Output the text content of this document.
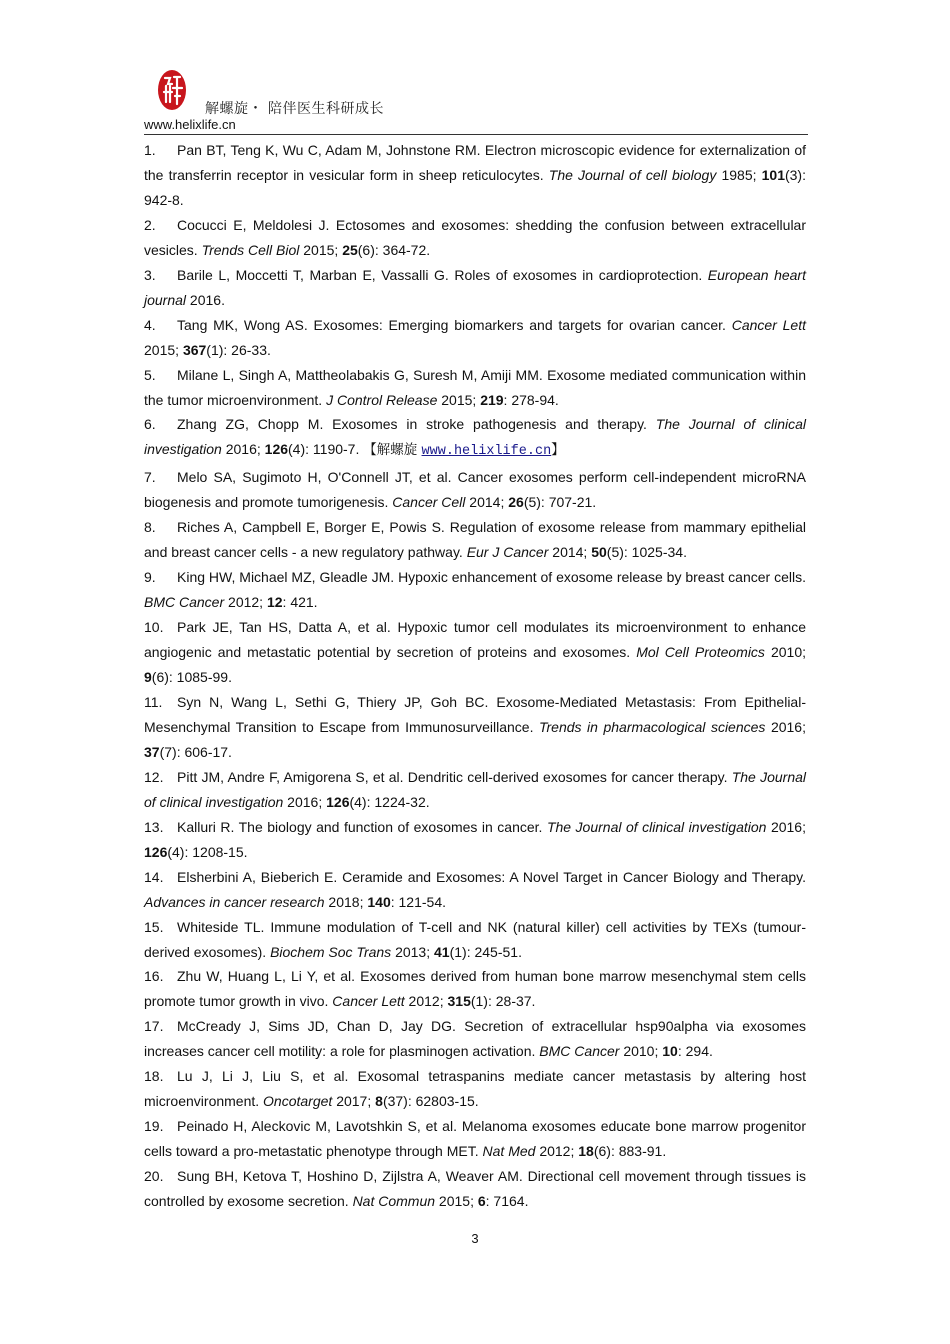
解螺旋・ 陪伴医生科研成长
www.helixlife.cn
1. Pan BT, Teng K, Wu C, Adam M, Johnstone RM. Electron microscopic evidence for externalization of the transferrin receptor in vesicular form in sheep reticulocytes. The Journal of cell biology 1985; 101(3): 942-8.
2. Cocucci E, Meldolesi J. Ectosomes and exosomes: shedding the confusion between extracellular vesicles. Trends Cell Biol 2015; 25(6): 364-72.
3. Barile L, Moccetti T, Marban E, Vassalli G. Roles of exosomes in cardioprotection. European heart journal 2016.
4. Tang MK, Wong AS. Exosomes: Emerging biomarkers and targets for ovarian cancer. Cancer Lett 2015; 367(1): 26-33.
5. Milane L, Singh A, Mattheolabakis G, Suresh M, Amiji MM. Exosome mediated communication within the tumor microenvironment. J Control Release 2015; 219: 278-94.
6. Zhang ZG, Chopp M. Exosomes in stroke pathogenesis and therapy. The Journal of clinical investigation 2016; 126(4): 1190-7. 【解螺旋 www.helixlife.cn】
7. Melo SA, Sugimoto H, O'Connell JT, et al. Cancer exosomes perform cell-independent microRNA biogenesis and promote tumorigenesis. Cancer Cell 2014; 26(5): 707-21.
8. Riches A, Campbell E, Borger E, Powis S. Regulation of exosome release from mammary epithelial and breast cancer cells - a new regulatory pathway. Eur J Cancer 2014; 50(5): 1025-34.
9. King HW, Michael MZ, Gleadle JM. Hypoxic enhancement of exosome release by breast cancer cells. BMC Cancer 2012; 12: 421.
10. Park JE, Tan HS, Datta A, et al. Hypoxic tumor cell modulates its microenvironment to enhance angiogenic and metastatic potential by secretion of proteins and exosomes. Mol Cell Proteomics 2010; 9(6): 1085-99.
11. Syn N, Wang L, Sethi G, Thiery JP, Goh BC. Exosome-Mediated Metastasis: From Epithelial-Mesenchymal Transition to Escape from Immunosurveillance. Trends in pharmacological sciences 2016; 37(7): 606-17.
12. Pitt JM, Andre F, Amigorena S, et al. Dendritic cell-derived exosomes for cancer therapy. The Journal of clinical investigation 2016; 126(4): 1224-32.
13. Kalluri R. The biology and function of exosomes in cancer. The Journal of clinical investigation 2016; 126(4): 1208-15.
14. Elsherbini A, Bieberich E. Ceramide and Exosomes: A Novel Target in Cancer Biology and Therapy. Advances in cancer research 2018; 140: 121-54.
15. Whiteside TL. Immune modulation of T-cell and NK (natural killer) cell activities by TEXs (tumour-derived exosomes). Biochem Soc Trans 2013; 41(1): 245-51.
16. Zhu W, Huang L, Li Y, et al. Exosomes derived from human bone marrow mesenchymal stem cells promote tumor growth in vivo. Cancer Lett 2012; 315(1): 28-37.
17. McCready J, Sims JD, Chan D, Jay DG. Secretion of extracellular hsp90alpha via exosomes increases cancer cell motility: a role for plasminogen activation. BMC Cancer 2010; 10: 294.
18. Lu J, Li J, Liu S, et al. Exosomal tetraspanins mediate cancer metastasis by altering host microenvironment. Oncotarget 2017; 8(37): 62803-15.
19. Peinado H, Aleckovic M, Lavotshkin S, et al. Melanoma exosomes educate bone marrow progenitor cells toward a pro-metastatic phenotype through MET. Nat Med 2012; 18(6): 883-91.
20. Sung BH, Ketova T, Hoshino D, Zijlstra A, Weaver AM. Directional cell movement through tissues is controlled by exosome secretion. Nat Commun 2015; 6: 7164.
3
